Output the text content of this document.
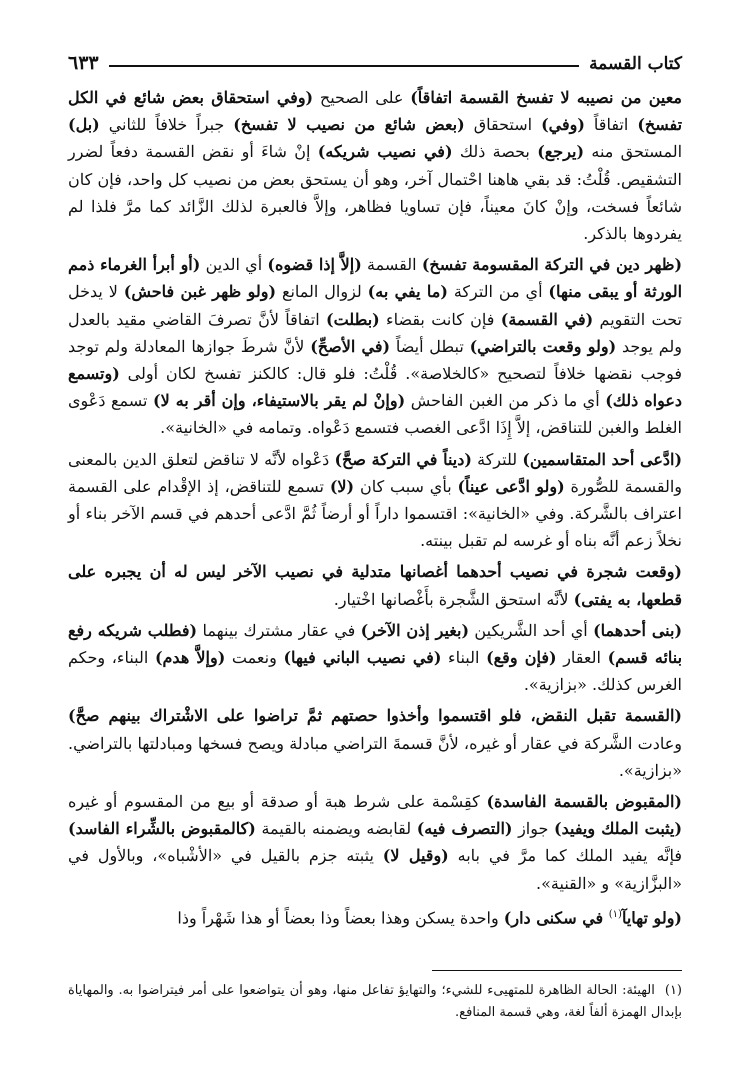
كتاب القسمة
٦٣٣

معين من نصيبه لا تفسخ القسمة اتفاقاً) على الصحيح (وفي استحقاق بعض شائع في الكل تفسخ) اتفاقاً (وفي) استحقاق (بعض شائع من نصيب لا تفسخ) جبراً خلافاً للثاني (بل) المستحق منه (يرجع) بحصة ذلك (في نصيب شريكه) إنْ شاءَ أو نقض القسمة دفعاً لضرر التشقيص. قُلْتُ: قد بقي هاهنا احْتمال آخر، وهو أن يستحق بعض من نصيب كل واحد، فإن كان شائعاً فسخت، وإنْ كانَ معيناً، فإن تساويا فظاهر، وإلاَّ فالعبرة لذلك الزَّائد كما مرَّ فلذا لم يفردوها بالذكر.

(ظهر دين في التركة المقسومة تفسخ) القسمة (إلاَّ إذا قضوه) أي الدين (أو أبرأ الغرماء ذمم الورثة أو يبقى منها) أي من التركة (ما يفي به) لزوال المانع (ولو ظهر غبن فاحش) لا يدخل تحت التقويم (في القسمة) فإن كانت بقضاء (بطلت) اتفاقاً لأنَّ تصرفَ القاضي مقيد بالعدل ولم يوجد (ولو وقعت بالتراضي) تبطل أيضاً (في الأصحِّ) لأنَّ شرطَ جوازها المعادلة ولم توجد فوجب نقضها خلافاً لتصحيح «كالخلاصة». قُلْتُ: فلو قال: كالكنز تفسخ لكان أولى (وتسمع دعواه ذلك) أي ما ذكر من الغبن الفاحش (وإنْ لم يقر بالاستيفاء، وإن أقر به لا) تسمع دَعْوى الغلط والغبن للتناقض، إلاَّ إِذَا ادَّعى الغصب فتسمع دَعْواه. وتمامه في «الخانية».

(ادَّعى أحد المتقاسمين) للتركة (ديناً في التركة صحَّ) دَعْواه لأنَّه لا تناقض لتعلق الدين بالمعنى والقسمة للصُّورة (ولو ادَّعى عيناً) بأي سبب كان (لا) تسمع للتناقض، إذ الإقْدام على القسمة اعتراف بالشَّركة. وفي «الخانية»: اقتسموا داراً أو أرضاً ثُمَّ ادَّعى أحدهم في قسم الآخر بناء أو نخلاً زعم أنَّه بناه أو غرسه لم تقبل بينته.

(وقعت شجرة في نصيب أحدهما أغصانها متدلية في نصيب الآخر ليس له أن يجبره على قطعها، به يفتى) لأنَّه استحق الشَّجرة بأَغْصانها اخْتيار.

(بنى أحدهما) أي أحد الشَّريكين (بغير إذن الآخر) في عقار مشترك بينهما (فطلب شريكه رفع بنائه قسم) العقار (فإن وقع) البناء (في نصيب الباني فيها) ونعمت (وإلاَّ هدم) البناء، وحكم الغرس كذلك. «بزازية».

(القسمة تقبل النقض، فلو اقتسموا وأخذوا حصتهم ثمَّ تراضوا على الاشْتراك بينهم صحَّ) وعادت الشَّركة في عقار أو غيره، لأنَّ قسمةَ التراضي مبادلة ويصح فسخها ومبادلتها بالتراضي. «بزازية».

(المقبوض بالقسمة الفاسدة) كقِسْمة على شرط هبة أو صدقة أو بيع من المقسوم أو غيره (يثبت الملك ويفيد) جواز (التصرف فيه) لقابضه ويضمنه بالقيمة (كالمقبوض بالشِّراء الفاسد) فإنَّه يفيد الملك كما مرَّ في بابه (وقيل لا) يثبته جزم بالقيل في «الأشْباه»، وبالأول في «البزَّازية» و «القنية».

(ولو تهايآ$^{(١)}$ في سكنى دار) واحدة يسكن وهذا بعضاً وذا بعضاً أو هذا شَهْراً وذا

(١)الهيئة: الحالة الظاهرة للمتهيىء للشيء؛ والتهايؤ تفاعل منها، وهو أن يتواضعوا على أمر فيتراضوا به. والمهاياة بإبدال الهمزة ألفاً لغة، وهي قسمة المنافع.
